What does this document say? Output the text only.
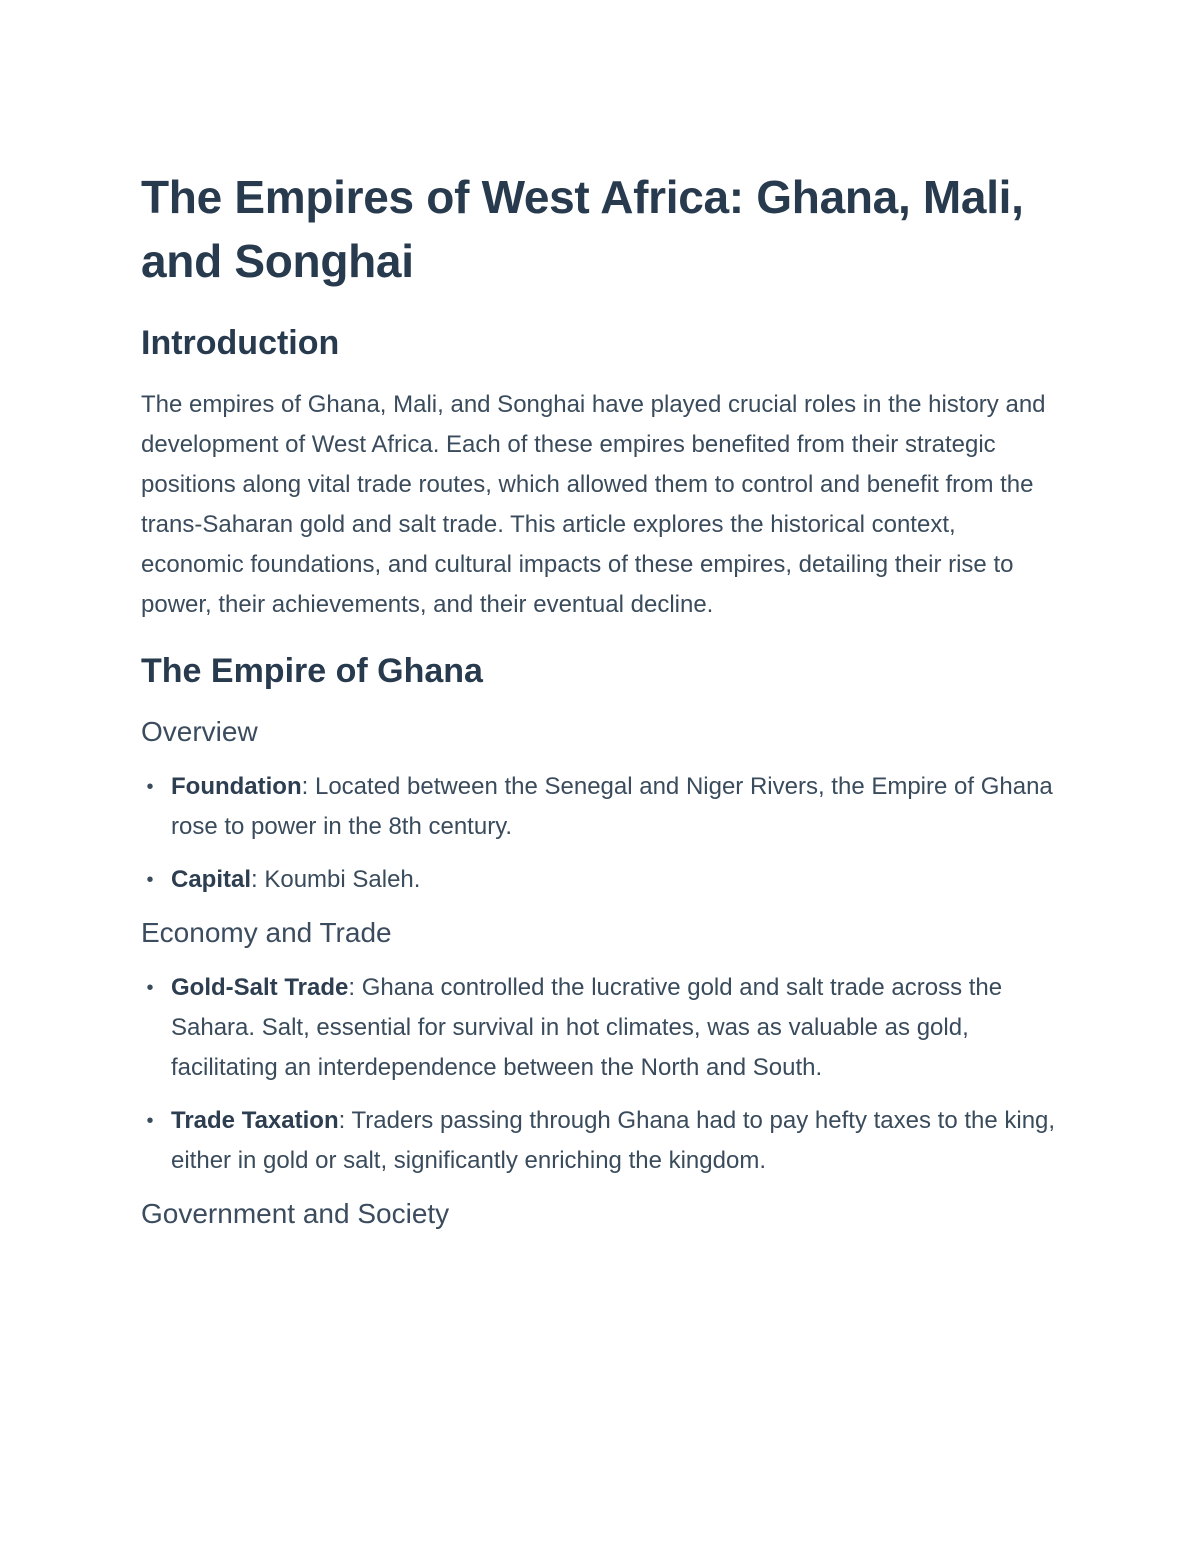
The Empires of West Africa: Ghana, Mali, and Songhai
Introduction

The empires of Ghana, Mali, and Songhai have played crucial roles in the history and development of West Africa. Each of these empires benefited from their strategic positions along vital trade routes, which allowed them to control and benefit from the trans-Saharan gold and salt trade. This article explores the historical context, economic foundations, and cultural impacts of these empires, detailing their rise to power, their achievements, and their eventual decline.

The Empire of Ghana
Overview
• Foundation: Located between the Senegal and Niger Rivers, the Empire of Ghana rose to power in the 8th century.
• Capital: Koumbi Saleh.
Economy and Trade
• Gold-Salt Trade: Ghana controlled the lucrative gold and salt trade across the Sahara. Salt, essential for survival in hot climates, was as valuable as gold, facilitating an interdependence between the North and South.
• Trade Taxation: Traders passing through Ghana had to pay hefty taxes to the king, either in gold or salt, significantly enriching the kingdom.
Government and Society
